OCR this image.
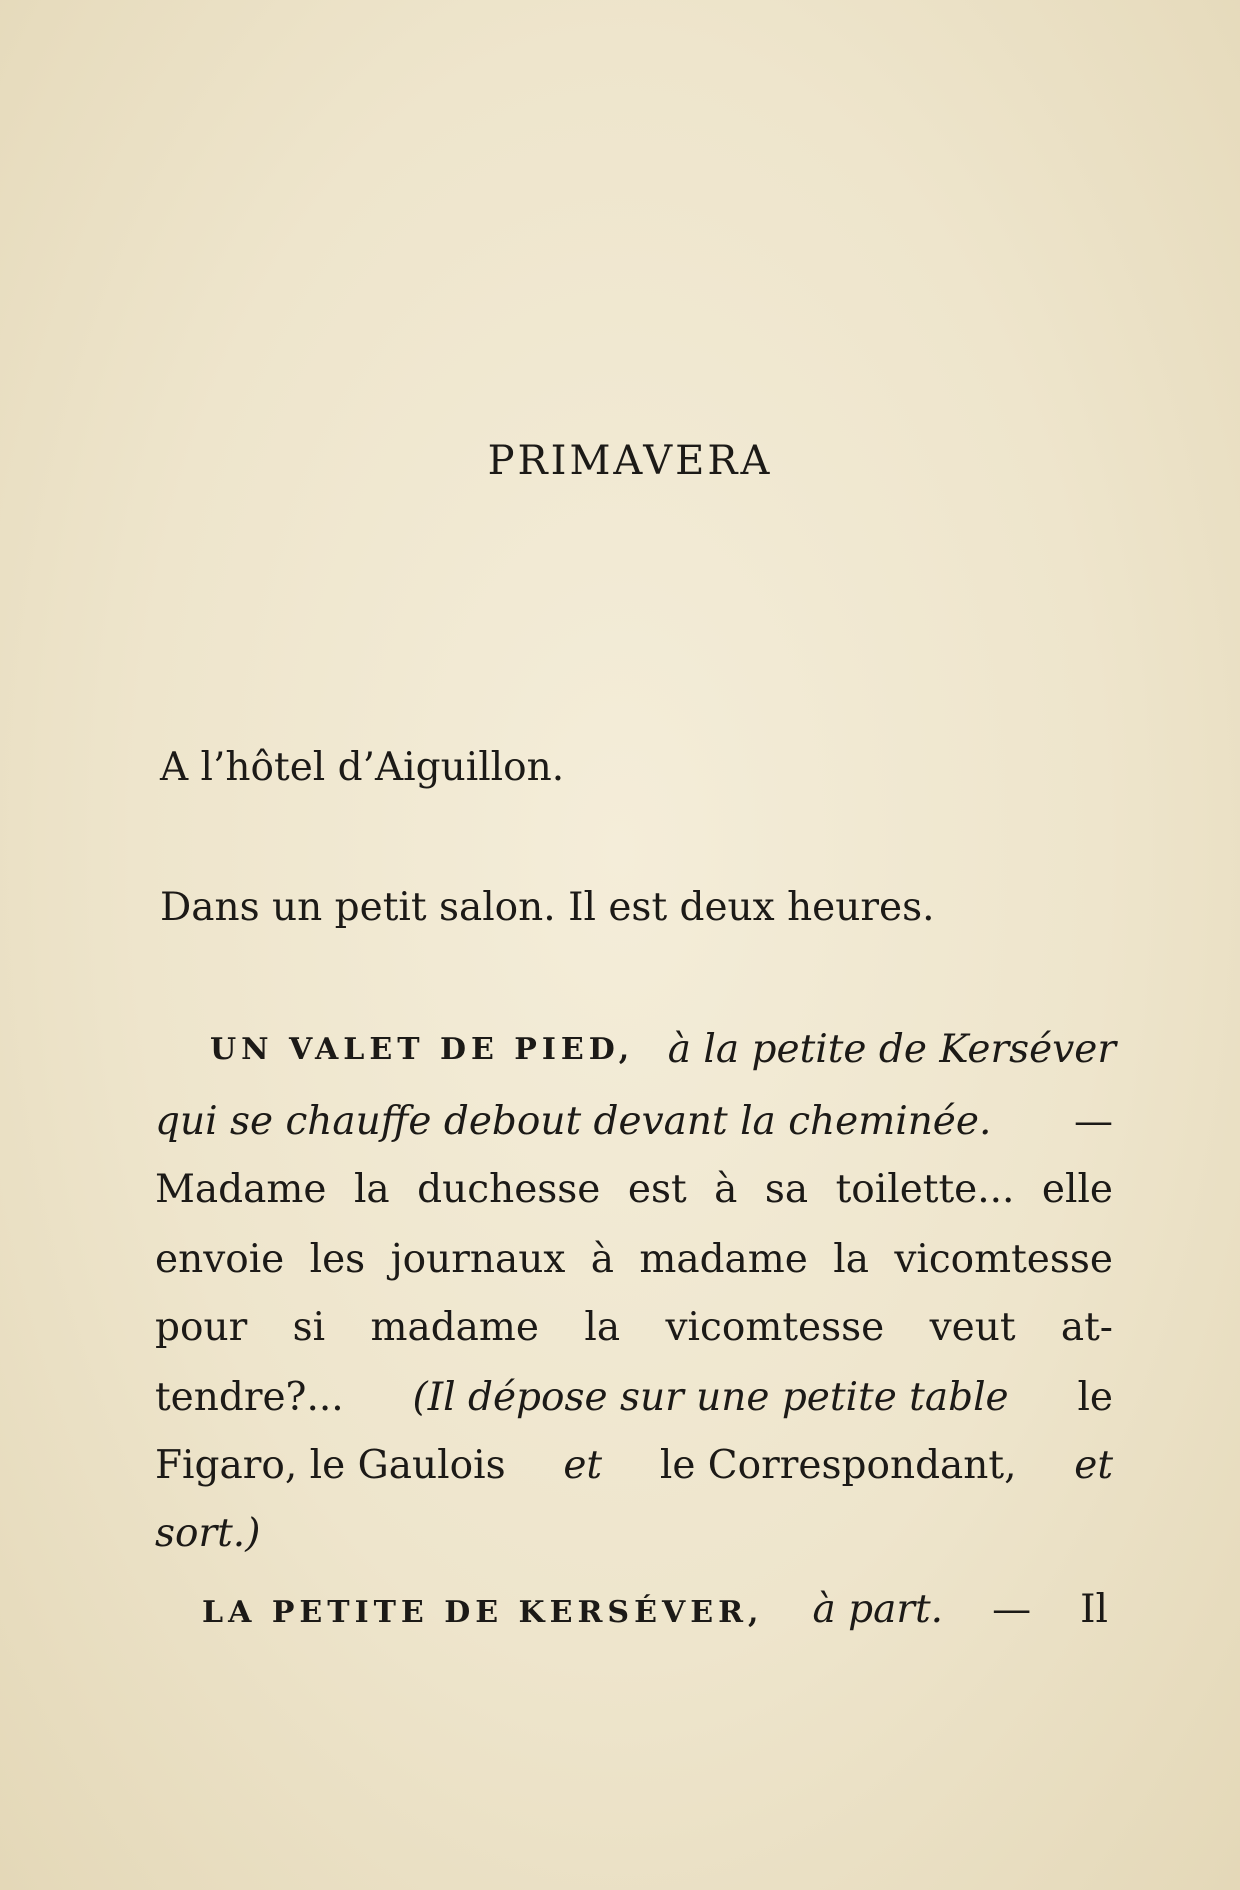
PRIMAVERA

A l’hôtel d’Aiguillon.

Dans un petit salon. Il est deux heures.

UN VALET DE PIED, à la petite de Kerséver

qui se chauffe debout devant la cheminée. —

Madame la duchesse est à sa toilette... elle

envoie les journaux à madame la vicomtesse

pour si madame la vicomtesse veut at-

tendre?... (Il dépose sur une petite table le

Figaro, le Gaulois et le Correspondant, et

sort.)

LA PETITE DE KERSÉVER, à part. — Il
